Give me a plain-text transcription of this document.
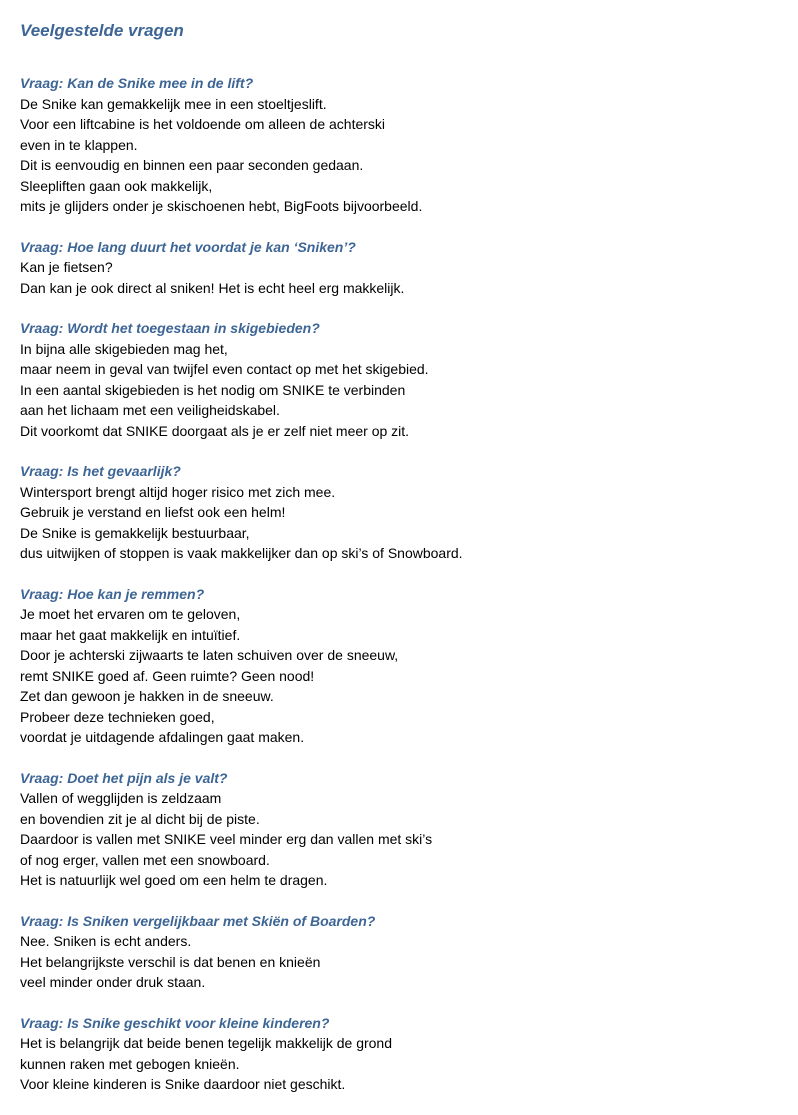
Veelgestelde vragen

Vraag: Kan de Snike mee in de lift?

De Snike kan gemakkelijk mee in een stoeltjeslift.

Voor een liftcabine is het voldoende om alleen de achterski

even in te klappen.

Dit is eenvoudig en binnen een paar seconden gedaan.

Sleepliften gaan ook makkelijk,

mits je glijders onder je skischoenen hebt, BigFoots bijvoorbeeld.

Vraag: Hoe lang duurt het voordat je kan ‘Sniken’?

Kan je fietsen?

Dan kan je ook direct al sniken! Het is echt heel erg makkelijk.

Vraag: Wordt het toegestaan in skigebieden?

In bijna alle skigebieden mag het,

maar neem in geval van twijfel even contact op met het skigebied.

In een aantal skigebieden is het nodig om SNIKE te verbinden

aan het lichaam met een veiligheidskabel.

Dit voorkomt dat SNIKE doorgaat als je er zelf niet meer op zit.

Vraag: Is het gevaarlijk?

Wintersport brengt altijd hoger risico met zich mee.

Gebruik je verstand en liefst ook een helm!

De Snike is gemakkelijk bestuurbaar,

dus uitwijken of stoppen is vaak makkelijker dan op ski’s of Snowboard.

Vraag: Hoe kan je remmen?

Je moet het ervaren om te geloven,

maar het gaat makkelijk en intuïtief.

Door je achterski zijwaarts te laten schuiven over de sneeuw,

remt SNIKE goed af. Geen ruimte? Geen nood!

Zet dan gewoon je hakken in de sneeuw.

Probeer deze technieken goed,

voordat je uitdagende afdalingen gaat maken.

Vraag: Doet het pijn als je valt?

Vallen of wegglijden is zeldzaam

en bovendien zit je al dicht bij de piste.

Daardoor is vallen met SNIKE veel minder erg dan vallen met ski’s

of nog erger, vallen met een snowboard.

Het is natuurlijk wel goed om een helm te dragen.

Vraag: Is Sniken vergelijkbaar met Skiën of Boarden?

Nee. Sniken is echt anders.

Het belangrijkste verschil is dat benen en knieën

veel minder onder druk staan.

Vraag: Is Snike geschikt voor kleine kinderen?

Het is belangrijk dat beide benen tegelijk makkelijk de grond

kunnen raken met gebogen knieën.

Voor kleine kinderen is Snike daardoor niet geschikt.
